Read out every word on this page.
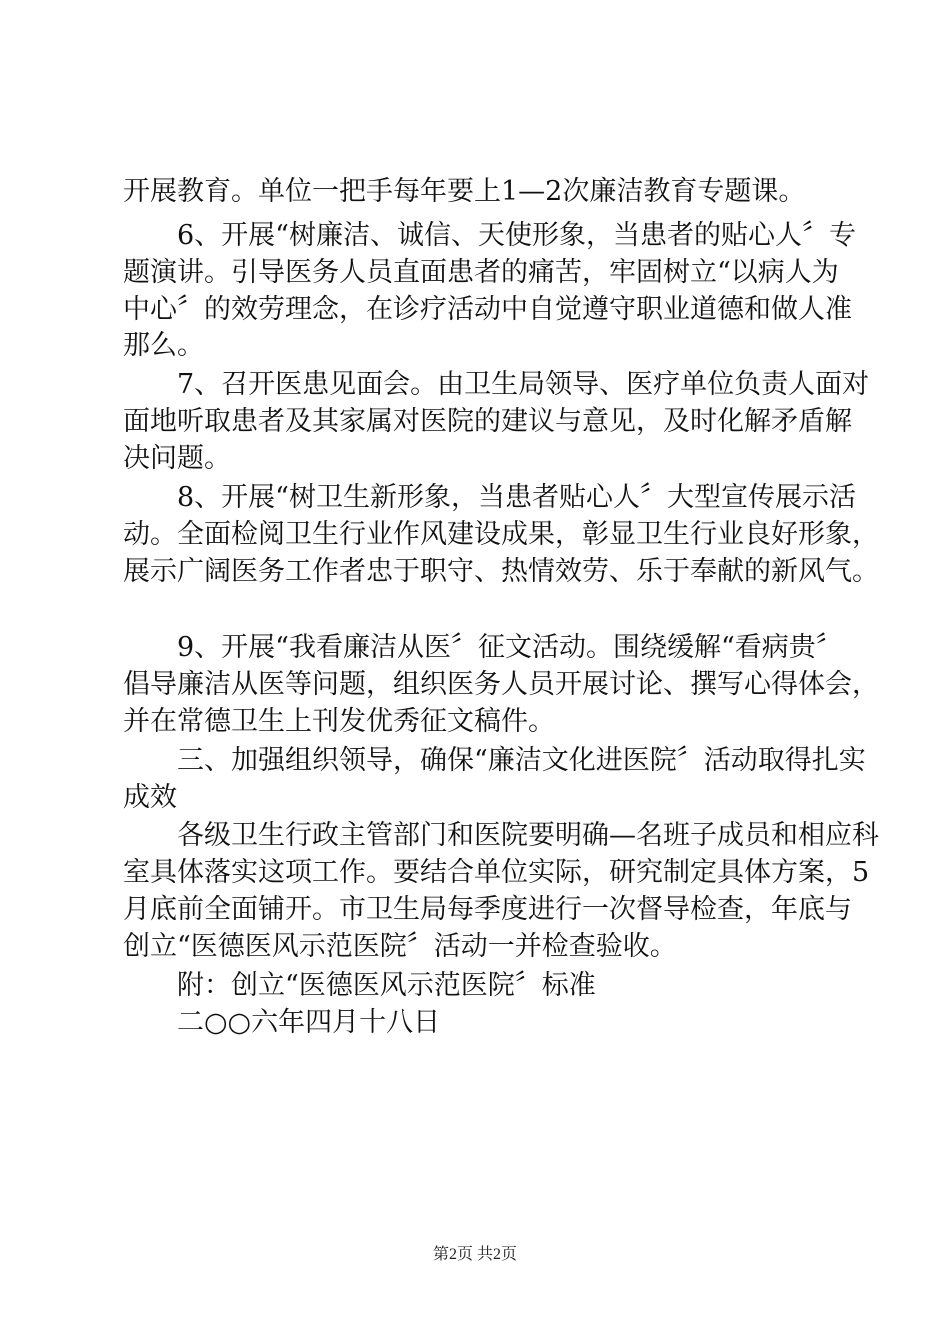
开展教育。单位一把手每年要上1—2次廉洁教育专题课。
6、开展“树廉洁、诚信、天使形象，当患者的贴心人〞专
题演讲。引导医务人员直面患者的痛苦，牢固树立“以病人为
中心〞的效劳理念，在诊疗活动中自觉遵守职业道德和做人准
那么。
7、召开医患见面会。由卫生局领导、医疗单位负责人面对
面地听取患者及其家属对医院的建议与意见，及时化解矛盾解
决问题。
8、开展“树卫生新形象，当患者贴心人〞大型宣传展示活
动。全面检阅卫生行业作风建设成果，彰显卫生行业良好形象，
展示广阔医务工作者忠于职守、热情效劳、乐于奉献的新风气。
9、开展“我看廉洁从医〞征文活动。围绕缓解“看病贵〞
倡导廉洁从医等问题，组织医务人员开展讨论、撰写心得体会，
并在常德卫生上刊发优秀征文稿件。
三、加强组织领导，确保“廉洁文化进医院〞活动取得扎实
成效
各级卫生行政主管部门和医院要明确—名班子成员和相应科
室具体落实这项工作。要结合单位实际，研究制定具体方案，5
月底前全面铺开。市卫生局每季度进行一次督导检查，年底与
创立“医德医风示范医院〞活动一并检查验收。
附：创立“医德医风示范医院〞标准
二○○六年四月十八日
第2页 共2页
